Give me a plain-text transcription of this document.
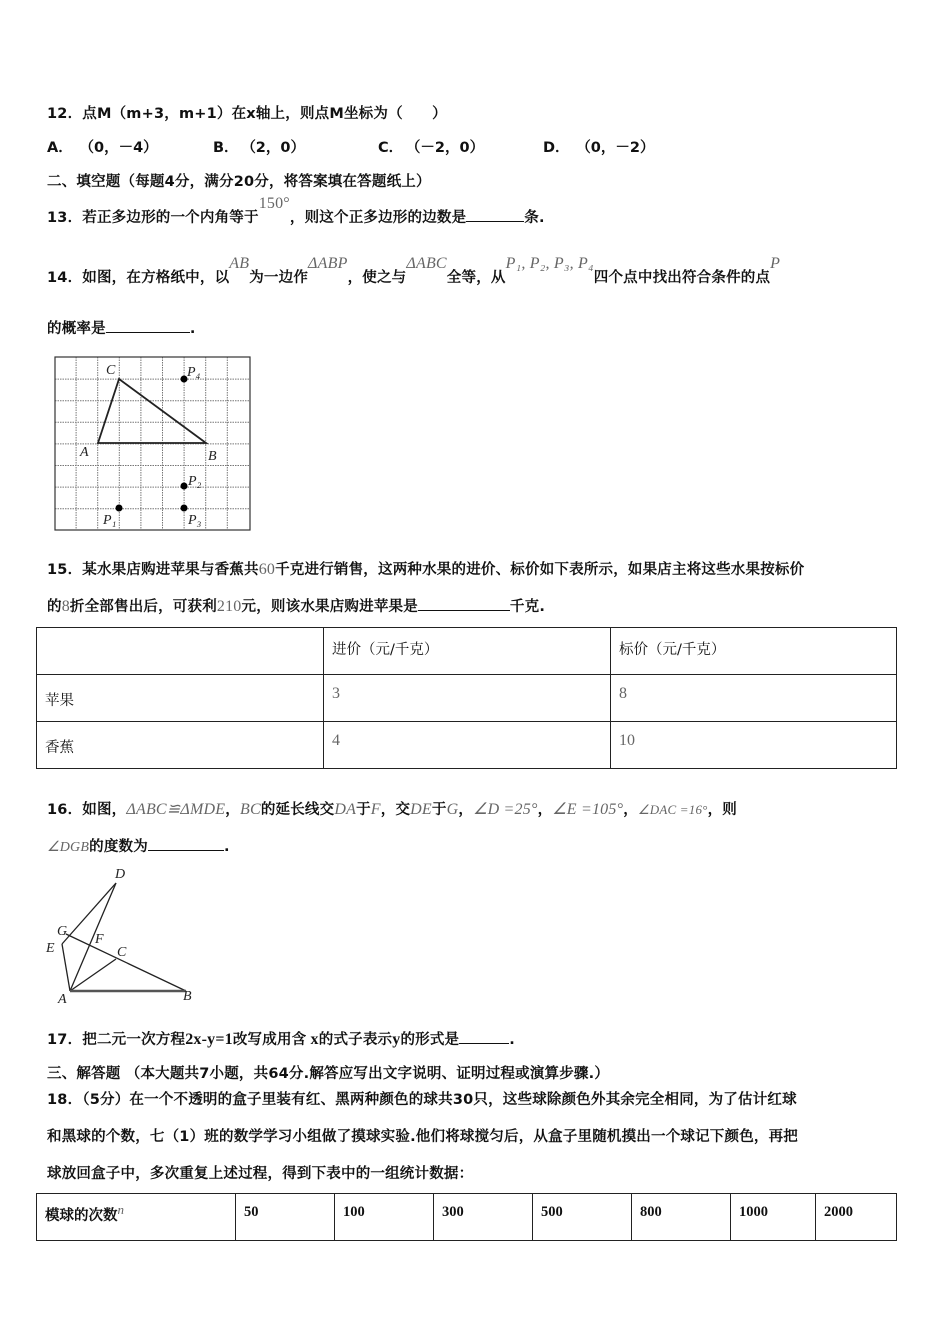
12．点M（m+3，m+1）在x轴上，则点M坐标为（　　）
A． （0，－4）	B． （2，0）	C． （－2，0）	D． （0，－2）
二、填空题（每题4分，满分20分，将答案填在答题纸上）
13．若正多边形的一个内角等于150°，则这个正多边形的边数是	条.
14．如图，在方格纸中，以AB为一边作ΔABP，使之与ΔABC全等，从P₁, P₂, P₃, P₄四个点中找出符合条件的点P
的概率是	.
C
A	B
P₄
P₂
P₁	P₃
15．某水果店购进苹果与香蕉共60千克进行销售，这两种水果的进价、标价如下表所示，如果店主将这些水果按标价
的8折全部售出后，可获利210元，则该水果店购进苹果是	千克.
	进价（元/千克）	标价（元/千克）
苹果	3	8
香蕉	4	10
16．如图，ΔABC≌ΔMDE，BC的延长线交DA于F，交DE于G，∠D =25°，∠E =105°，∠DAC =16°，则
∠DGB的度数为	.
D
G
E
F
C
A	B
17．把二元一次方程2x-y=1改写成用含 x的式子表示y的形式是	.
三、解答题 （本大题共7小题，共64分.解答应写出文字说明、证明过程或演算步骤.）
18．（5分）在一个不透明的盒子里装有红、黑两种颜色的球共30只，这些球除颜色外其余完全相同，为了估计红球
和黑球的个数，七（1）班的数学学习小组做了摸球实验.他们将球搅匀后，从盒子里随机摸出一个球记下颜色，再把
球放回盒子中，多次重复上述过程，得到下表中的一组统计数据：
模球的次数n	50	100	300	500	800	1000	2000
